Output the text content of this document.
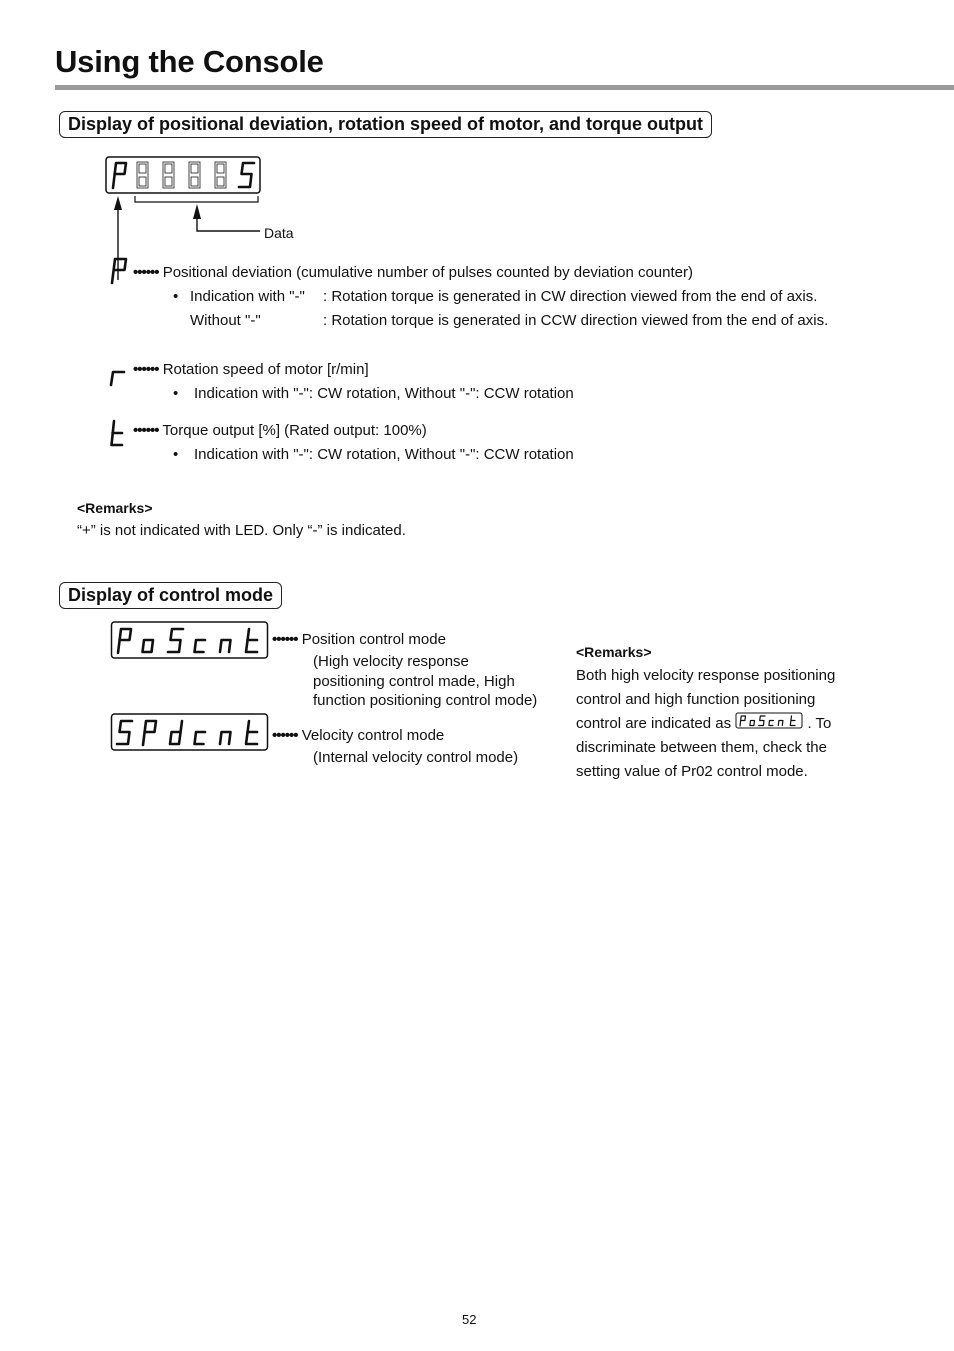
Using the Console
Display of positional deviation, rotation speed of motor, and torque output
Data
•••••• Positional deviation (cumulative number of pulses counted by deviation counter)
• Indication with "-" : Rotation torque is generated in CW direction viewed from the end of axis.
Without "-"	: Rotation torque is generated in CCW direction viewed from the end of axis.
•••••• Rotation speed of motor [r/min]
• Indication with "-": CW rotation, Without "-": CCW rotation
•••••• Torque output [%] (Rated output: 100%)
• Indication with "-": CW rotation, Without "-": CCW rotation
<Remarks>
“+” is not indicated with LED. Only “-” is indicated.
Display of control mode
•••••• Position control mode
(High velocity response
positioning control made, High
function positioning control mode)
•••••• Velocity control mode
(Internal velocity control mode)
<Remarks>
Both high velocity response positioning
control and high function positioning
control are indicated as	. To
discriminate between them, check the
setting value of Pr02 control mode.
52
